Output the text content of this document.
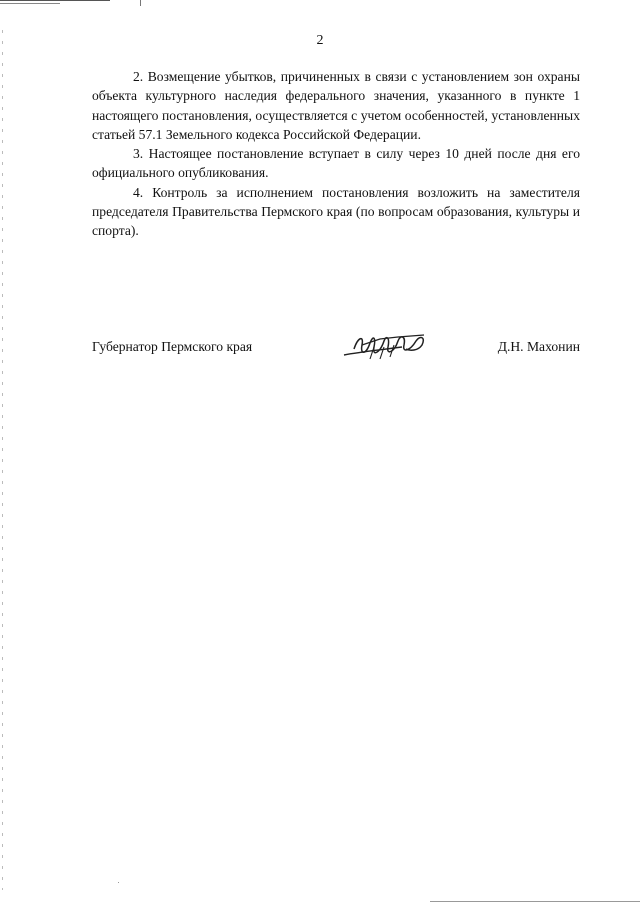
2

2. Возмещение убытков, причиненных в связи с установлением зон охраны объекта культурного наследия федерального значения, указанного в пункте 1 настоящего постановления, осуществляется с учетом особенностей, установленных статьей 57.1 Земельного кодекса Российской Федерации.

3. Настоящее постановление вступает в силу через 10 дней после дня его официального опубликования.

4. Контроль за исполнением постановления возложить на заместителя председателя Правительства Пермского края (по вопросам образования, культуры и спорта).

Губернатор Пермского края	Д.Н. Махонин
